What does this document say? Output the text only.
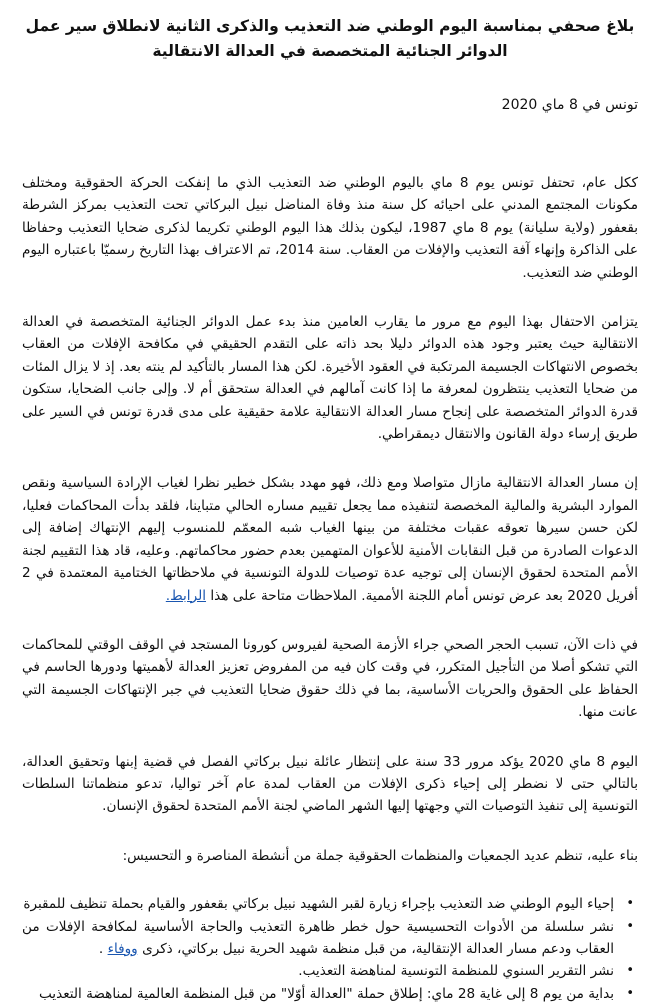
بلاغ صحفي بمناسبة اليوم الوطني ضد التعذيب والذكرى الثانية لانطلاق سير عمل الدوائر الجنائية المتخصصة في العدالة الانتقالية

تونس في 8 ماي 2020

ككل عام، تحتفل تونس يوم 8 ماي باليوم الوطني ضد التعذيب الذي ما إنفكت الحركة الحقوقية ومختلف مكونات المجتمع المدني على احيائه كل سنة منذ وفاة المناضل نبيل البركاتي تحت التعذيب بمركز الشرطة بقعفور (ولاية سليانة) يوم 8 ماي 1987، ليكون بذلك هذا اليوم الوطني تكريما لذكرى ضحايا التعذيب وحفاظا على الذاكرة وإنهاء آفة التعذيب والإفلات من العقاب. سنة 2014، تم الاعتراف بهذا التاريخ رسميّا باعتباره اليوم الوطني ضد التعذيب.

يتزامن الاحتفال بهذا اليوم مع مرور ما يقارب العامين منذ بدء عمل الدوائر الجنائية المتخصصة في العدالة الانتقالية حيث يعتبر وجود هذه الدوائر دليلا بحد ذاته على التقدم الحقيقي في مكافحة الإفلات من العقاب بخصوص الانتهاكات الجسيمة المرتكبة في العقود الأخيرة. لكن هذا المسار بالتأكيد لم ينته بعد. إذ لا يزال المئات من ضحايا التعذيب ينتظرون لمعرفة ما إذا كانت آمالهم في العدالة ستحقق أم لا. وإلى جانب الضحايا، ستكون قدرة الدوائر المتخصصة على إنجاح مسار العدالة الانتقالية علامة حقيقية على مدى قدرة تونس في السير على طريق إرساء دولة القانون والانتقال ديمقراطي.

إن مسار العدالة الانتقالية مازال متواصلا ومع ذلك، فهو مهدد بشكل خطير نظرا لغياب الإرادة السياسية ونقص الموارد البشرية والمالية المخصصة لتنفيذه مما يجعل تقييم مساره الحالي متباينا، فلقد بدأت المحاكمات فعليا، لكن حسن سيرها تعوقه عقبات مختلفة من بينها الغياب شبه المعمّم للمنسوب إليهم الإنتهاك إضافة إلى الدعوات الصادرة من قبل النقابات الأمنية للأعوان المتهمين بعدم حضور محاكماتهم. وعليه، قاد هذا التقييم لجنة الأمم المتحدة لحقوق الإنسان إلى توجيه عدة توصيات للدولة التونسية في ملاحظاتها الختامية المعتمدة في 2 أفريل 2020 بعد عرض تونس أمام اللجنة الأممية. الملاحظات متاحة على هذا الرابط.

في ذات الآن، تسبب الحجر الصحي جراء الأزمة الصحية لفيروس كورونا المستجد في الوقف الوقتي للمحاكمات التي تشكو أصلا من التأجيل المتكرر، في وقت كان فيه من المفروض تعزيز العدالة لأهميتها ودورها الحاسم في الحفاظ على الحقوق والحريات الأساسية، بما في ذلك حقوق ضحايا التعذيب في جبر الإنتهاكات الجسيمة التي عانت منها.

اليوم 8 ماي 2020 يؤكد مرور 33 سنة على إنتظار عائلة نبيل بركاتي الفصل في قضية إبنها وتحقيق العدالة، بالتالي حتى لا نضطر إلى إحياء ذكرى الإفلات من العقاب لمدة عام آخر تواليا، تدعو منظماتنا السلطات التونسية إلى تنفيذ التوصيات التي وجهتها إليها الشهر الماضي لجنة الأمم المتحدة لحقوق الإنسان.

بناء عليه، تنظم عديد الجمعيات والمنظمات الحقوقية جملة من أنشطة المناصرة و التحسيس:

•
إحياء اليوم الوطني ضد التعذيب بإجراء زيارة لقبر الشهيد نبيل بركاتي بقعفور والقيام بحملة تنظيف للمقبرة
•
نشر سلسلة من الأدوات التحسيسية حول خطر ظاهرة التعذيب والحاجة الأساسية لمكافحة الإفلات من العقاب ودعم مسار العدالة الإنتقالية، من قبل منظمة شهيد الحرية نبيل بركاتي، ذكرى ووفاء .
•
نشر التقرير السنوي للمنظمة التونسية لمناهضة التعذيب.
•
بداية من يوم 8 إلى غاية 28 ماي: إطلاق حملة "العدالة أوّلا" من قبل المنظمة العالمية لمناهضة التعذيب
